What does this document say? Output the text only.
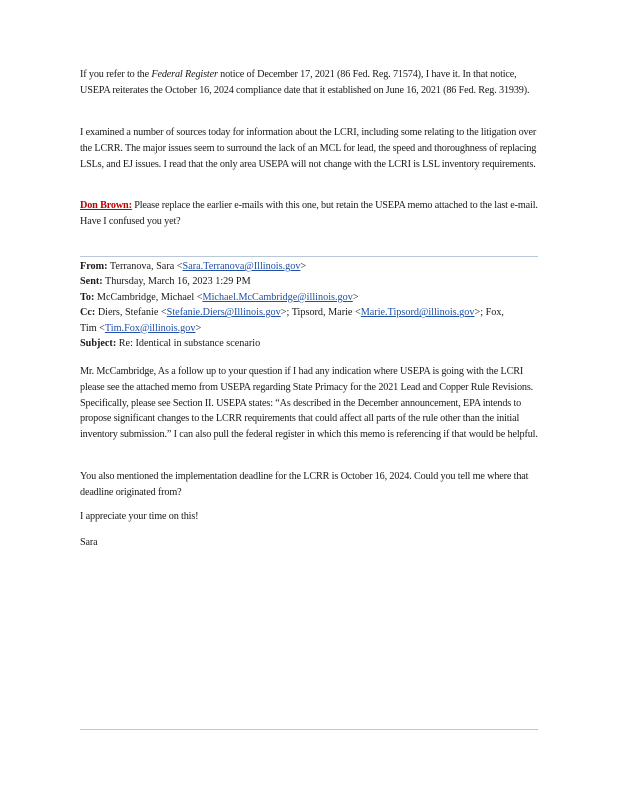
If you refer to the Federal Register notice of December 17, 2021 (86 Fed. Reg. 71574), I have it. In that notice, USEPA reiterates the October 16, 2024 compliance date that it established on June 16, 2021 (86 Fed. Reg. 31939).

I examined a number of sources today for information about the LCRI, including some relating to the litigation over the LCRR. The major issues seem to surround the lack of an MCL for lead, the speed and thoroughness of replacing LSLs, and EJ issues. I read that the only area USEPA will not change with the LCRI is LSL inventory requirements.

Don Brown: Please replace the earlier e-mails with this one, but retain the USEPA memo attached to the last e-mail. Have I confused you yet?

From: Terranova, Sara <Sara.Terranova@Illinois.gov>

Sent: Thursday, March 16, 2023 1:29 PM

To: McCambridge, Michael <Michael.McCambridge@illinois.gov>

Cc: Diers, Stefanie <Stefanie.Diers@Illinois.gov>; Tipsord, Marie <Marie.Tipsord@illinois.gov>; Fox,

Tim <Tim.Fox@illinois.gov>

Subject: Re: Identical in substance scenario

Mr. McCambridge, As a follow up to your question if I had any indication where USEPA is going with the LCRI please see the attached memo from USEPA regarding State Primacy for the 2021 Lead and Copper Rule Revisions. Specifically, please see Section II. USEPA states: “As described in the December announcement, EPA intends to propose significant changes to the LCRR requirements that could affect all parts of the rule other than the initial inventory submission.” I can also pull the federal register in which this memo is referencing if that would be helpful.

You also mentioned the implementation deadline for the LCRR is October 16, 2024. Could you tell me where that deadline originated from?

I appreciate your time on this!

Sara
